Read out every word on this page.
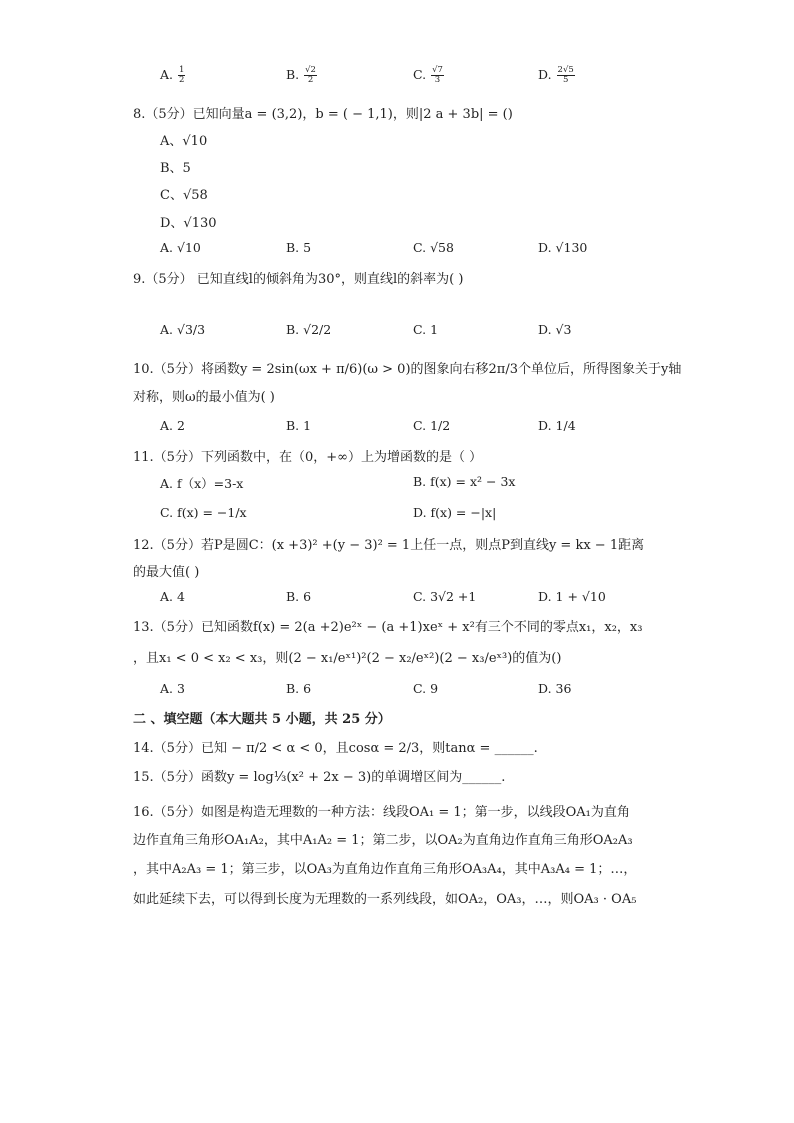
A. $\frac{1}{2}$	B. $\frac{√2}{2}$	C. $\frac{√7}{3}$	D. $\frac{2√5}{5}$
8.（5分）已知向量a = (3,2)，b = ( − 1,1)，则|2 a + 3b| = ()
A、√10
B、5
C、√58
D、√130
A. √10	B. 5	C. √58	D. √130
9.（5分） 已知直线l的倾斜角为30°，则直线l的斜率为( )
A. √3/3	B. √2/2	C. 1	D. √3
10.（5分）将函数y = 2sin(ωx + π/6)(ω > 0)的图象向右移2π/3个单位后，所得图象关于y轴
对称，则ω的最小值为( )
A. 2	B. 1	C. 1/2	D. 1/4
11.（5分）下列函数中，在（0，+∞）上为增函数的是（ ）
A. f（x）=3-x	B. f(x) = x² − 3x
C. f(x) = −1/x	D. f(x) = −|x|
12.（5分）若P是圆C：(x +3)² +(y − 3)² = 1上任一点，则点P到直线y = kx − 1距离
的最大值( )
A. 4	B. 6	C. 3√2 +1	D. 1 + √10
13.（5分）已知函数f(x) = 2(a +2)e²ˣ − (a +1)xeˣ + x²有三个不同的零点x₁，x₂，x₃
，且x₁ < 0 < x₂ < x₃，则(2 − x₁/eˣ¹)²(2 − x₂/eˣ²)(2 − x₃/eˣ³)的值为()
A. 3	B. 6	C. 9	D. 36
二 、填空题（本大题共 5 小题，共 25 分）
14.（5分）已知 − π/2 < α < 0，且cosα = 2/3，则tanα = ______.
15.（5分）函数y = log⅓(x² + 2x − 3)的单调增区间为______.
16.（5分）如图是构造无理数的一种方法：线段OA₁ = 1；第一步，以线段OA₁为直角
边作直角三角形OA₁A₂，其中A₁A₂ = 1；第二步，以OA₂为直角边作直角三角形OA₂A₃
，其中A₂A₃ = 1；第三步，以OA₃为直角边作直角三角形OA₃A₄，其中A₃A₄ = 1；…，
如此延续下去，可以得到长度为无理数的一系列线段，如OA₂，OA₃，…，则OA₃ · OA₅
